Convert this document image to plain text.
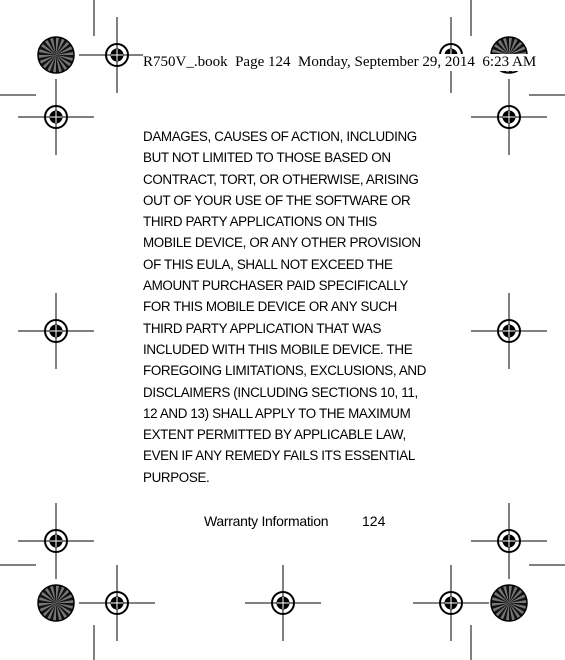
R750V_.book  Page 124  Monday, September 29, 2014  6:23 AM
DAMAGES, CAUSES OF ACTION, INCLUDING
BUT NOT LIMITED TO THOSE BASED ON
CONTRACT, TORT, OR OTHERWISE, ARISING
OUT OF YOUR USE OF THE SOFTWARE OR
THIRD PARTY APPLICATIONS ON THIS
MOBILE DEVICE, OR ANY OTHER PROVISION
OF THIS EULA, SHALL NOT EXCEED THE
AMOUNT PURCHASER PAID SPECIFICALLY
FOR THIS MOBILE DEVICE OR ANY SUCH
THIRD PARTY APPLICATION THAT WAS
INCLUDED WITH THIS MOBILE DEVICE. THE
FOREGOING LIMITATIONS, EXCLUSIONS, AND
DISCLAIMERS (INCLUDING SECTIONS 10, 11,
12 AND 13) SHALL APPLY TO THE MAXIMUM
EXTENT PERMITTED BY APPLICABLE LAW,
EVEN IF ANY REMEDY FAILS ITS ESSENTIAL
PURPOSE.
Warranty Information 124
